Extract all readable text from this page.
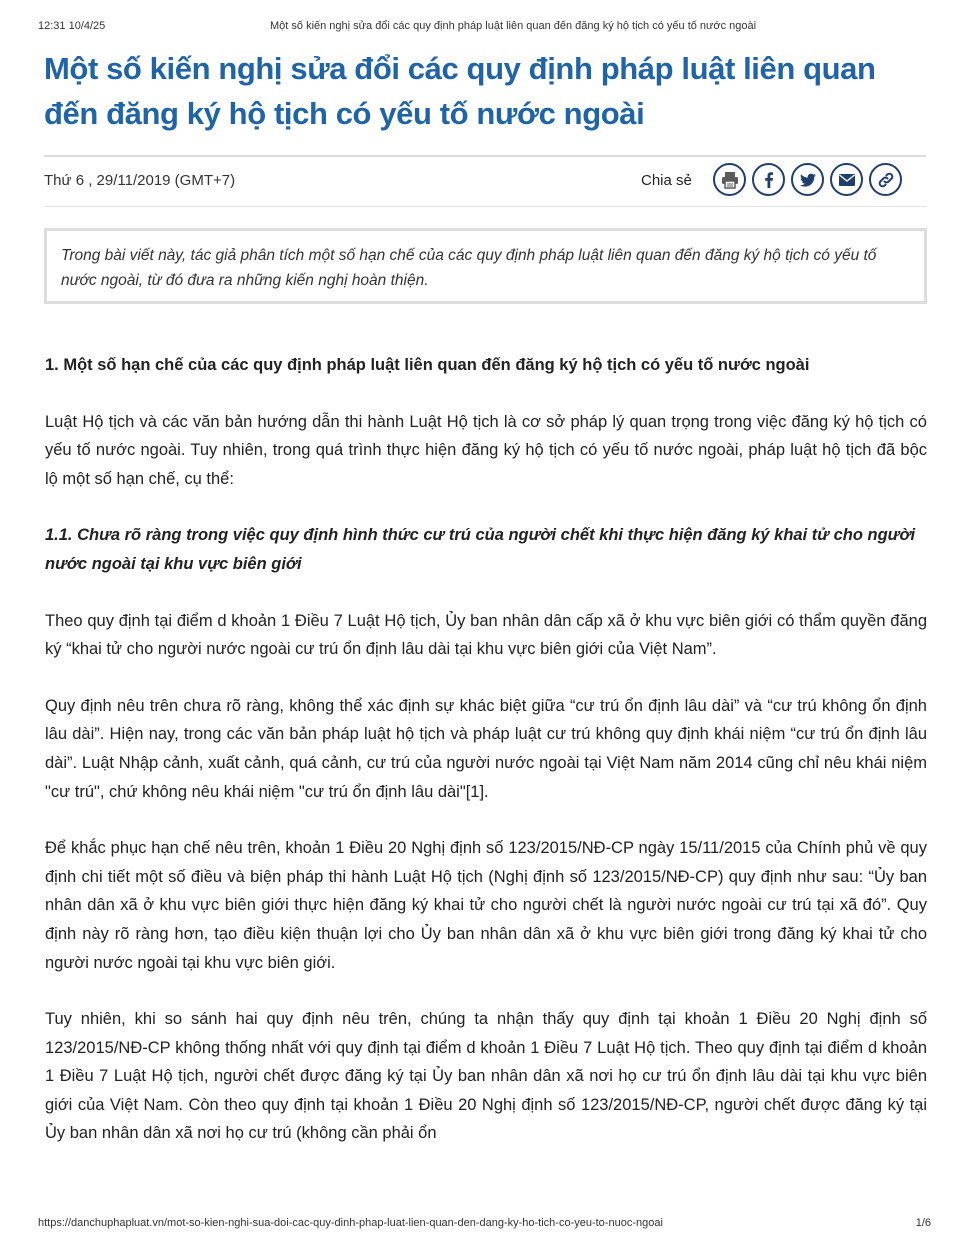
12:31 10/4/25	Một số kiến nghị sửa đổi các quy định pháp luật liên quan đến đăng ký hộ tịch có yếu tố nước ngoài
Một số kiến nghị sửa đổi các quy định pháp luật liên quan đến đăng ký hộ tịch có yếu tố nước ngoài
Thứ 6 , 29/11/2019 (GMT+7)	Chia sẻ
Trong bài viết này, tác giả phân tích một số hạn chế của các quy định pháp luật liên quan đến đăng ký hộ tịch có yếu tố nước ngoài, từ đó đưa ra những kiến nghị hoàn thiện.
1. Một số hạn chế của các quy định pháp luật liên quan đến đăng ký hộ tịch có yếu tố nước ngoài

Luật Hộ tịch và các văn bản hướng dẫn thi hành Luật Hộ tịch là cơ sở pháp lý quan trọng trong việc đăng ký hộ tịch có yếu tố nước ngoài. Tuy nhiên, trong quá trình thực hiện đăng ký hộ tịch có yếu tố nước ngoài, pháp luật hộ tịch đã bộc lộ một số hạn chế, cụ thể:

1.1. Chưa rõ ràng trong việc quy định hình thức cư trú của người chết khi thực hiện đăng ký khai tử cho người nước ngoài tại khu vực biên giới

Theo quy định tại điểm d khoản 1 Điều 7 Luật Hộ tịch, Ủy ban nhân dân cấp xã ở khu vực biên giới có thẩm quyền đăng ký “khai tử cho người nước ngoài cư trú ổn định lâu dài tại khu vực biên giới của Việt Nam”.

Quy định nêu trên chưa rõ ràng, không thể xác định sự khác biệt giữa “cư trú ổn định lâu dài” và “cư trú không ổn định lâu dài”. Hiện nay, trong các văn bản pháp luật hộ tịch và pháp luật cư trú không quy định khái niệm “cư trú ổn định lâu dài”. Luật Nhập cảnh, xuất cảnh, quá cảnh, cư trú của người nước ngoài tại Việt Nam năm 2014 cũng chỉ nêu khái niệm "cư trú", chứ không nêu khái niệm "cư trú ổn định lâu dài"[1].

Để khắc phục hạn chế nêu trên, khoản 1 Điều 20 Nghị định số 123/2015/NĐ-CP ngày 15/11/2015 của Chính phủ về quy định chi tiết một số điều và biện pháp thi hành Luật Hộ tịch (Nghị định số 123/2015/NĐ-CP) quy định như sau: “Ủy ban nhân dân xã ở khu vực biên giới thực hiện đăng ký khai tử cho người chết là người nước ngoài cư trú tại xã đó”. Quy định này rõ ràng hơn, tạo điều kiện thuận lợi cho Ủy ban nhân dân xã ở khu vực biên giới trong đăng ký khai tử cho người nước ngoài tại khu vực biên giới.

Tuy nhiên, khi so sánh hai quy định nêu trên, chúng ta nhận thấy quy định tại khoản 1 Điều 20 Nghị định số 123/2015/NĐ-CP không thống nhất với quy định tại điểm d khoản 1 Điều 7 Luật Hộ tịch. Theo quy định tại điểm d khoản 1 Điều 7 Luật Hộ tịch, người chết được đăng ký tại Ủy ban nhân dân xã nơi họ cư trú ổn định lâu dài tại khu vực biên giới của Việt Nam. Còn theo quy định tại khoản 1 Điều 20 Nghị định số 123/2015/NĐ-CP, người chết được đăng ký tại Ủy ban nhân dân xã nơi họ cư trú (không cần phải ổn

https://danchuphapluat.vn/mot-so-kien-nghi-sua-doi-cac-quy-dinh-phap-luat-lien-quan-den-dang-ky-ho-tich-co-yeu-to-nuoc-ngoai	1/6
